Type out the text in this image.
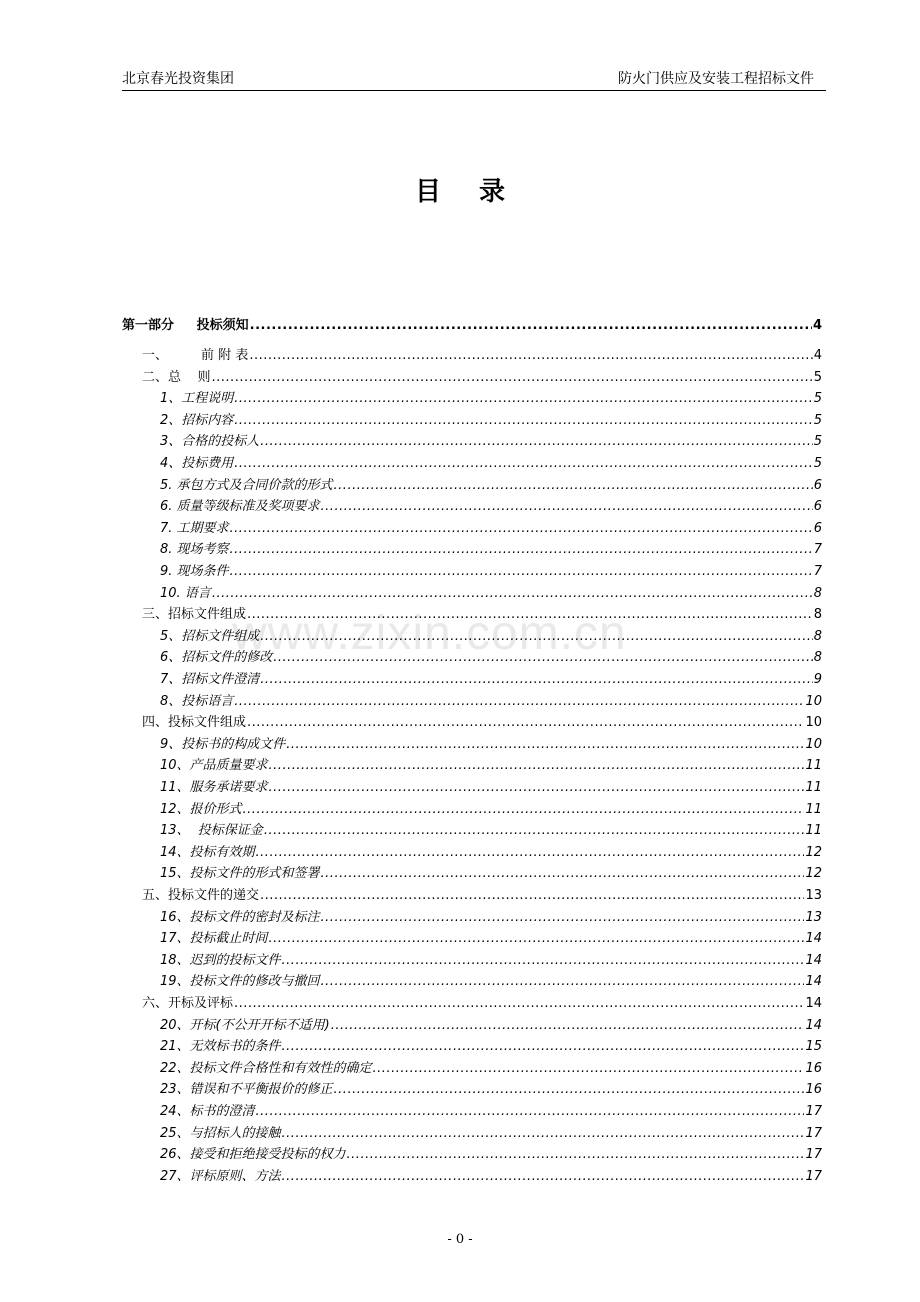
北京春光投资集团	防火门供应及安装工程招标文件
目录
www.zixin.com.cn
第一部分     投标须知 .....	4
一、        前 附 表 .....	4
二、总    则 .....	5
1、工程说明 .....	5
2、招标内容 .....	5
3、合格的投标人 .....	5
4、投标费用 .....	5
5. 承包方式及合同价款的形式 .....	6
6. 质量等级标准及奖项要求 .....	6
7. 工期要求 .....	6
8. 现场考察 .....	7
9. 现场条件 .....	7
10. 语言 .....	8
三、招标文件组成 .....	8
5、招标文件组成 .....	8
6、招标文件的修改 .....	8
7、招标文件澄清 .....	9
8、投标语言 .....	10
四、投标文件组成 .....	10
9、投标书的构成文件 .....	10
10、产品质量要求 .....	11
11、服务承诺要求 .....	11
12、报价形式 .....	11
13、  投标保证金 .....	11
14、投标有效期 .....	12
15、投标文件的形式和签署 .....	12
五、投标文件的递交 .....	13
16、投标文件的密封及标注 .....	13
17、投标截止时间 .....	14
18、迟到的投标文件 .....	14
19、投标文件的修改与撤回 .....	14
六、开标及评标 .....	14
20、开标(不公开开标不适用) .....	14
21、无效标书的条件 .....	15
22、投标文件合格性和有效性的确定 .....	16
23、错误和不平衡报价的修正 .....	16
24、标书的澄清 .....	17
25、与招标人的接触 .....	17
26、接受和拒绝接受投标的权力 .....	17
27、评标原则、方法 .....	17
- 0 -
